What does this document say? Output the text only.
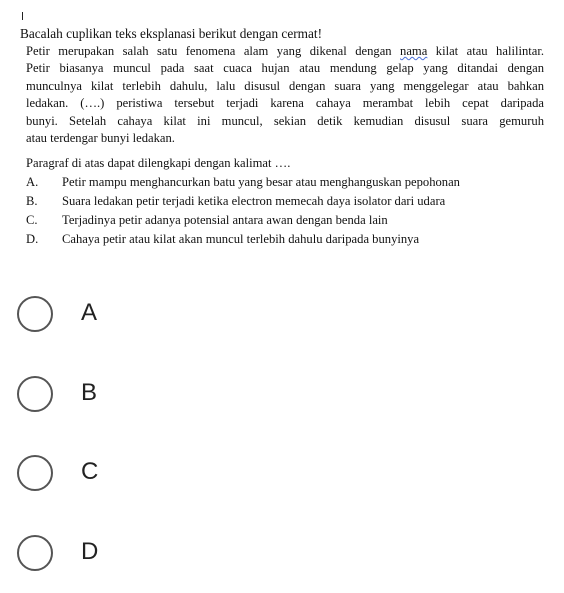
Bacalah cuplikan teks eksplanasi berikut dengan cermat!
Petir merupakan salah satu fenomena alam yang dikenal dengan nama kilat atau halilintar.
Petir biasanya muncul pada saat cuaca hujan atau mendung gelap yang ditandai dengan
munculnya kilat terlebih dahulu, lalu disusul dengan suara yang menggelegar atau bahkan
ledakan. (….) peristiwa tersebut terjadi karena cahaya merambat lebih cepat daripada
bunyi. Setelah cahaya kilat ini muncul, sekian detik kemudian disusul suara gemuruh
atau terdengar bunyi ledakan.
Paragraf di atas dapat dilengkapi dengan kalimat ….
A.	Petir mampu menghancurkan batu yang besar atau menghanguskan pepohonan
B.	Suara ledakan petir terjadi ketika electron memecah daya isolator dari udara
C.	Terjadinya petir adanya potensial antara awan dengan benda lain
D.	Cahaya petir atau kilat akan muncul terlebih dahulu daripada bunyinya
A
B
C
D
